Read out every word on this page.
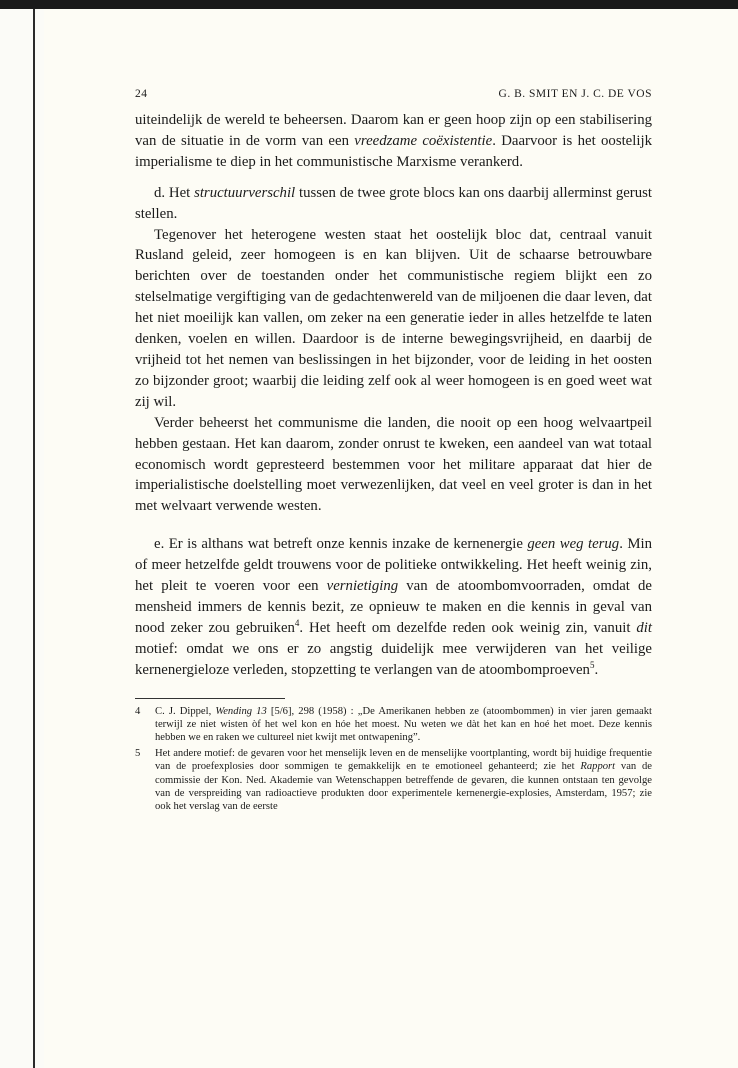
24	G. B. SMIT EN J. C. DE VOS

uiteindelijk de wereld te beheersen. Daarom kan er geen hoop zijn op een stabilisering van de situatie in de vorm van een vreedzame coëxistentie. Daarvoor is het oostelijk imperialisme te diep in het communistische Marxisme verankerd.

d. Het structuurverschil tussen de twee grote blocs kan ons daarbij allerminst gerust stellen.

Tegenover het heterogene westen staat het oostelijk bloc dat, centraal vanuit Rusland geleid, zeer homogeen is en kan blijven. Uit de schaarse betrouwbare berichten over de toestanden onder het communistische regiem blijkt een zo stelselmatige vergiftiging van de gedachtenwereld van de miljoenen die daar leven, dat het niet moeilijk kan vallen, om zeker na een generatie ieder in alles hetzelfde te laten denken, voelen en willen. Daardoor is de interne bewegingsvrijheid, en daarbij de vrijheid tot het nemen van beslissingen in het bijzonder, voor de leiding in het oosten zo bijzonder groot; waarbij die leiding zelf ook al weer homogeen is en goed weet wat zij wil.

Verder beheerst het communisme die landen, die nooit op een hoog welvaartpeil hebben gestaan. Het kan daarom, zonder onrust te kweken, een aandeel van wat totaal economisch wordt gepresteerd bestemmen voor het militare apparaat dat hier de imperialistische doelstelling moet verwezenlijken, dat veel en veel groter is dan in het met welvaart verwende westen.

e. Er is althans wat betreft onze kennis inzake de kernenergie geen weg terug. Min of meer hetzelfde geldt trouwens voor de politieke ontwikkeling. Het heeft weinig zin, het pleit te voeren voor een vernietiging van de atoombomvoorraden, omdat de mensheid immers de kennis bezit, ze opnieuw te maken en die kennis in geval van nood zeker zou gebruiken$^4$. Het heeft om dezelfde reden ook weinig zin, vanuit dit motief: omdat we ons er zo angstig duidelijk mee verwijderen van het veilige kernenergieloze verleden, stopzetting te verlangen van de atoombomproeven$^5$.

4	C. J. Dippel, Wending 13 [5/6], 298 (1958) : „De Amerikanen hebben ze (atoombommen) in vier jaren gemaakt terwijl ze niet wisten òf het wel kon en hóe het moest. Nu weten we dàt het kan en hoé het moet. Deze kennis hebben we en raken we cultureel niet kwijt met ontwapening”.
5	Het andere motief: de gevaren voor het menselijk leven en de menselijke voortplanting, wordt bij huidige frequentie van de proefexplosies door sommigen te gemakkelijk en te emotioneel gehanteerd; zie het Rapport van de commissie der Kon. Ned. Akademie van Wetenschappen betreffende de gevaren, die kunnen ontstaan ten gevolge van de verspreiding van radioactieve produkten door experimentele kernenergie-explosies, Amsterdam, 1957; zie ook het verslag van de eerste
